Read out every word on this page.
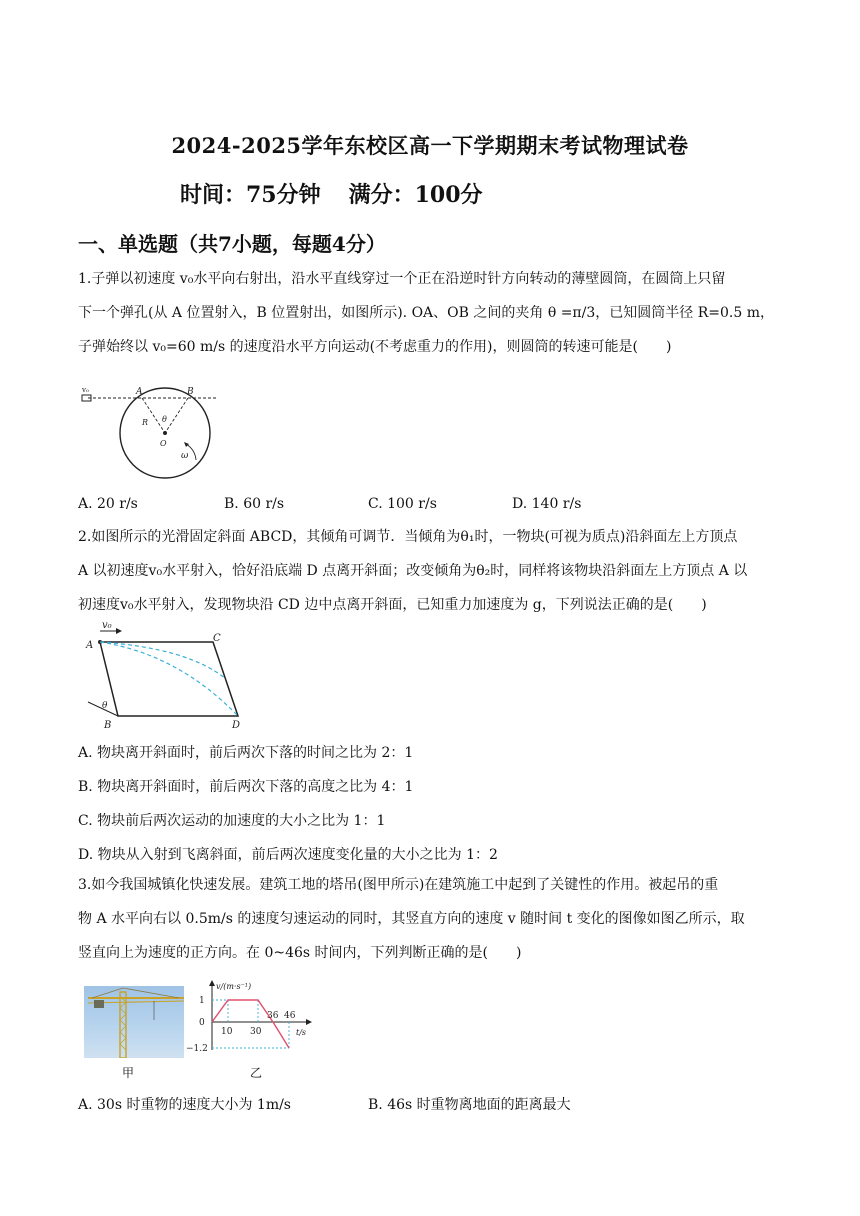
2024-2025学年东校区高一下学期期末考试物理试卷
时间：75分钟 满分：100分
一、单选题（共7小题，每题4分）
1.子弹以初速度 v₀水平向右射出，沿水平直线穿过一个正在沿逆时针方向转动的薄壁圆筒，在圆筒上只留
下一个弹孔(从 A 位置射入，B 位置射出，如图所示). OA、OB 之间的夹角 θ =π/3，已知圆筒半径 R=0.5 m，
子弹始终以 v₀=60 m/s 的速度沿水平方向运动(不考虑重力的作用)，则圆筒的转速可能是(　　)
v₀	A	B
R θ
O
ω
A. 20 r/s	B. 60 r/s	C. 100 r/s	D. 140 r/s
2.如图所示的光滑固定斜面 ABCD，其倾角可调节．当倾角为θ₁时，一物块(可视为质点)沿斜面左上方顶点
A 以初速度v₀水平射入，恰好沿底端 D 点离开斜面；改变倾角为θ₂时，同样将该物块沿斜面左上方顶点 A 以
初速度v₀水平射入，发现物块沿 CD 边中点离开斜面，已知重力加速度为 g，下列说法正确的是(　　)
v₀
A
C
θ
B	D
A. 物块离开斜面时，前后两次下落的时间之比为 2：1
B. 物块离开斜面时，前后两次下落的高度之比为 4：1
C. 物块前后两次运动的加速度的大小之比为 1：1
D. 物块从入射到飞离斜面，前后两次速度变化量的大小之比为 1：2
3.如今我国城镇化快速发展。建筑工地的塔吊(图甲所示)在建筑施工中起到了关键性的作用。被起吊的重
物 A 水平向右以 0.5m/s 的速度匀速运动的同时，其竖直方向的速度 v 随时间 t 变化的图像如图乙所示，取
竖直向上为速度的正方向。在 0~46s 时间内，下列判断正确的是(　　)
v/(m·s⁻¹)
t/s
1
0
−1.2
10 30
36 46
甲	乙
A. 30s 时重物的速度大小为 1m/s	B. 46s 时重物离地面的距离最大
